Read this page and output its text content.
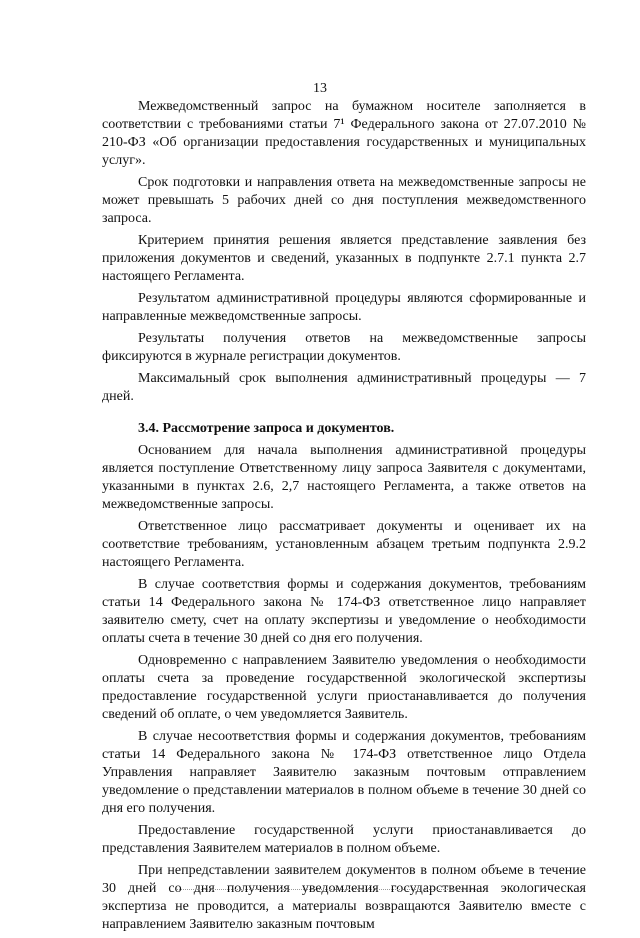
13

Межведомственный запрос на бумажном носителе заполняется в соответствии с требованиями статьи 7¹ Федерального закона от 27.07.2010 № 210-ФЗ «Об организации предоставления государственных и муниципальных услуг».

Срок подготовки и направления ответа на межведомственные запросы не может превышать 5 рабочих дней со дня поступления межведомственного запроса.

Критерием принятия решения является представление заявления без приложения документов и сведений, указанных в подпункте 2.7.1 пункта 2.7 настоящего Регламента.

Результатом административной процедуры являются сформированные и направленные межведомственные запросы.

Результаты получения ответов на межведомственные запросы фиксируются в журнале регистрации документов.

Максимальный срок выполнения административный процедуры — 7 дней.

3.4. Рассмотрение запроса и документов.

Основанием для начала выполнения административной процедуры является поступление Ответственному лицу запроса Заявителя с документами, указанными в пунктах 2.6, 2,7 настоящего Регламента, а также ответов на межведомственные запросы.

Ответственное лицо рассматривает документы и оценивает их на соответствие требованиям, установленным абзацем третьим подпункта 2.9.2 настоящего Регламента.

В случае соответствия формы и содержания документов, требованиям статьи 14 Федерального закона № 174-ФЗ ответственное лицо направляет заявителю смету, счет на оплату экспертизы и уведомление о необходимости оплаты счета в течение 30 дней со дня его получения.

Одновременно с направлением Заявителю уведомления о необходимости оплаты счета за проведение государственной экологической экспертизы предоставление государственной услуги приостанавливается до получения сведений об оплате, о чем уведомляется Заявитель.

В случае несоответствия формы и содержания документов, требованиям статьи 14 Федерального закона № 174-ФЗ ответственное лицо Отдела Управления направляет Заявителю заказным почтовым отправлением уведомление о представлении материалов в полном объеме в течение 30 дней со дня его получения.

Предоставление государственной услуги приостанавливается до представления Заявителем материалов в полном объеме.

При непредставлении заявителем документов в полном объеме в течение 30 дней со дня получения уведомления государственная экологическая экспертиза не проводится, а материалы возвращаются Заявителю вместе с направлением Заявителю заказным почтовым
